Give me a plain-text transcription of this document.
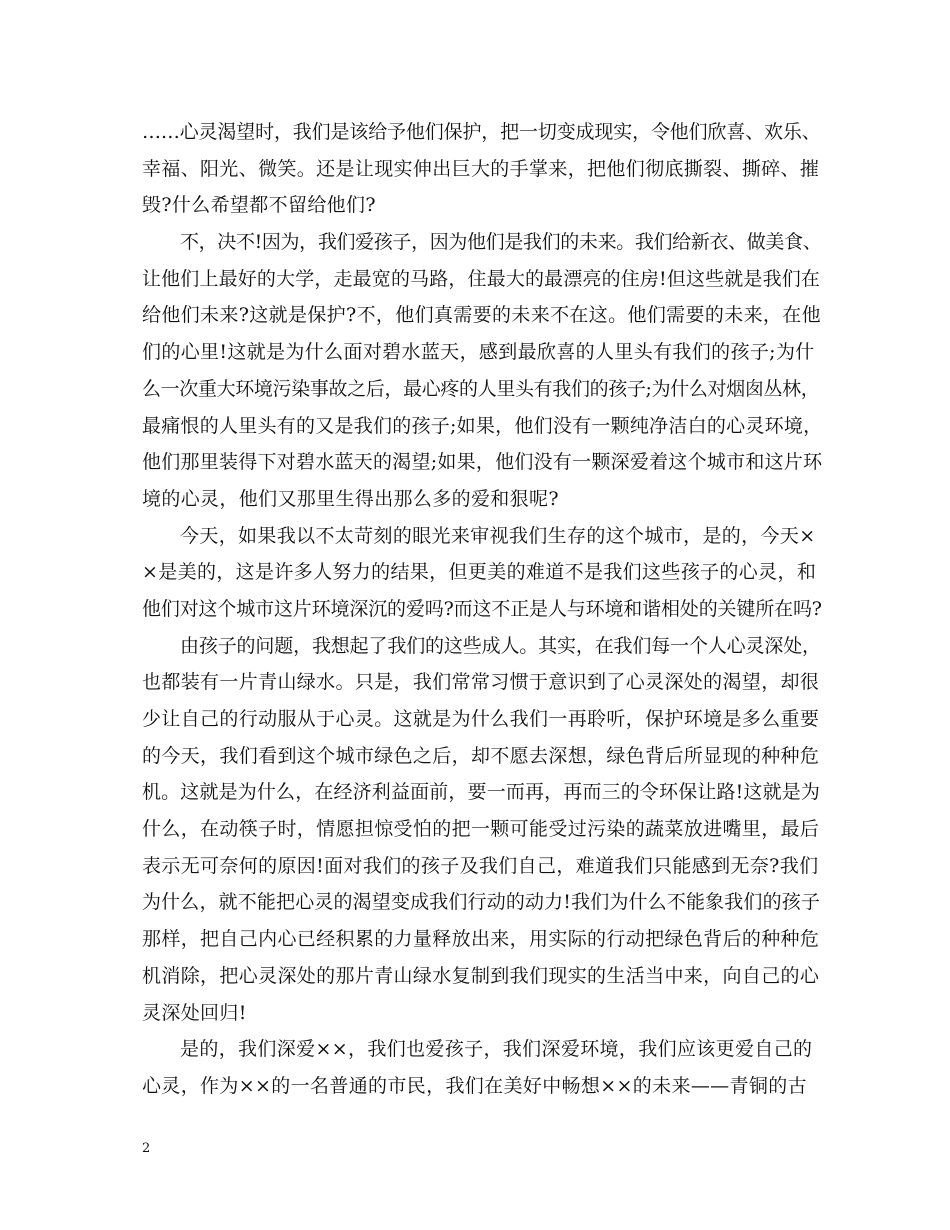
……心灵渴望时，我们是该给予他们保护，把一切变成现实，令他们欣喜、欢乐、
幸福、阳光、微笑。还是让现实伸出巨大的手掌来，把他们彻底撕裂、撕碎、摧
毁?什么希望都不留给他们?
不，决不!因为，我们爱孩子，因为他们是我们的未来。我们给新衣、做美食、
让他们上最好的大学，走最宽的马路，住最大的最漂亮的住房!但这些就是我们在
给他们未来?这就是保护?不，他们真需要的未来不在这。他们需要的未来，在他
们的心里!这就是为什么面对碧水蓝天，感到最欣喜的人里头有我们的孩子;为什
么一次重大环境污染事故之后，最心疼的人里头有我们的孩子;为什么对烟囱丛林，
最痛恨的人里头有的又是我们的孩子;如果，他们没有一颗纯净洁白的心灵环境，
他们那里装得下对碧水蓝天的渴望;如果，他们没有一颗深爱着这个城市和这片环
境的心灵，他们又那里生得出那么多的爱和狠呢?
今天，如果我以不太苛刻的眼光来审视我们生存的这个城市，是的，今天×
×是美的，这是许多人努力的结果，但更美的难道不是我们这些孩子的心灵，和
他们对这个城市这片环境深沉的爱吗?而这不正是人与环境和谐相处的关键所在吗?
由孩子的问题，我想起了我们的这些成人。其实，在我们每一个人心灵深处，
也都装有一片青山绿水。只是，我们常常习惯于意识到了心灵深处的渴望，却很
少让自己的行动服从于心灵。这就是为什么我们一再聆听，保护环境是多么重要
的今天，我们看到这个城市绿色之后，却不愿去深想，绿色背后所显现的种种危
机。这就是为什么，在经济利益面前，要一而再，再而三的令环保让路!这就是为
什么，在动筷子时，情愿担惊受怕的把一颗可能受过污染的蔬菜放进嘴里，最后
表示无可奈何的原因!面对我们的孩子及我们自己，难道我们只能感到无奈?我们
为什么，就不能把心灵的渴望变成我们行动的动力!我们为什么不能象我们的孩子
那样，把自己内心已经积累的力量释放出来，用实际的行动把绿色背后的种种危
机消除，把心灵深处的那片青山绿水复制到我们现实的生活当中来，向自己的心
灵深处回归!
是的，我们深爱××，我们也爱孩子，我们深爱环境，我们应该更爱自己的
心灵，作为××的一名普通的市民，我们在美好中畅想××的未来——青铜的古
2
